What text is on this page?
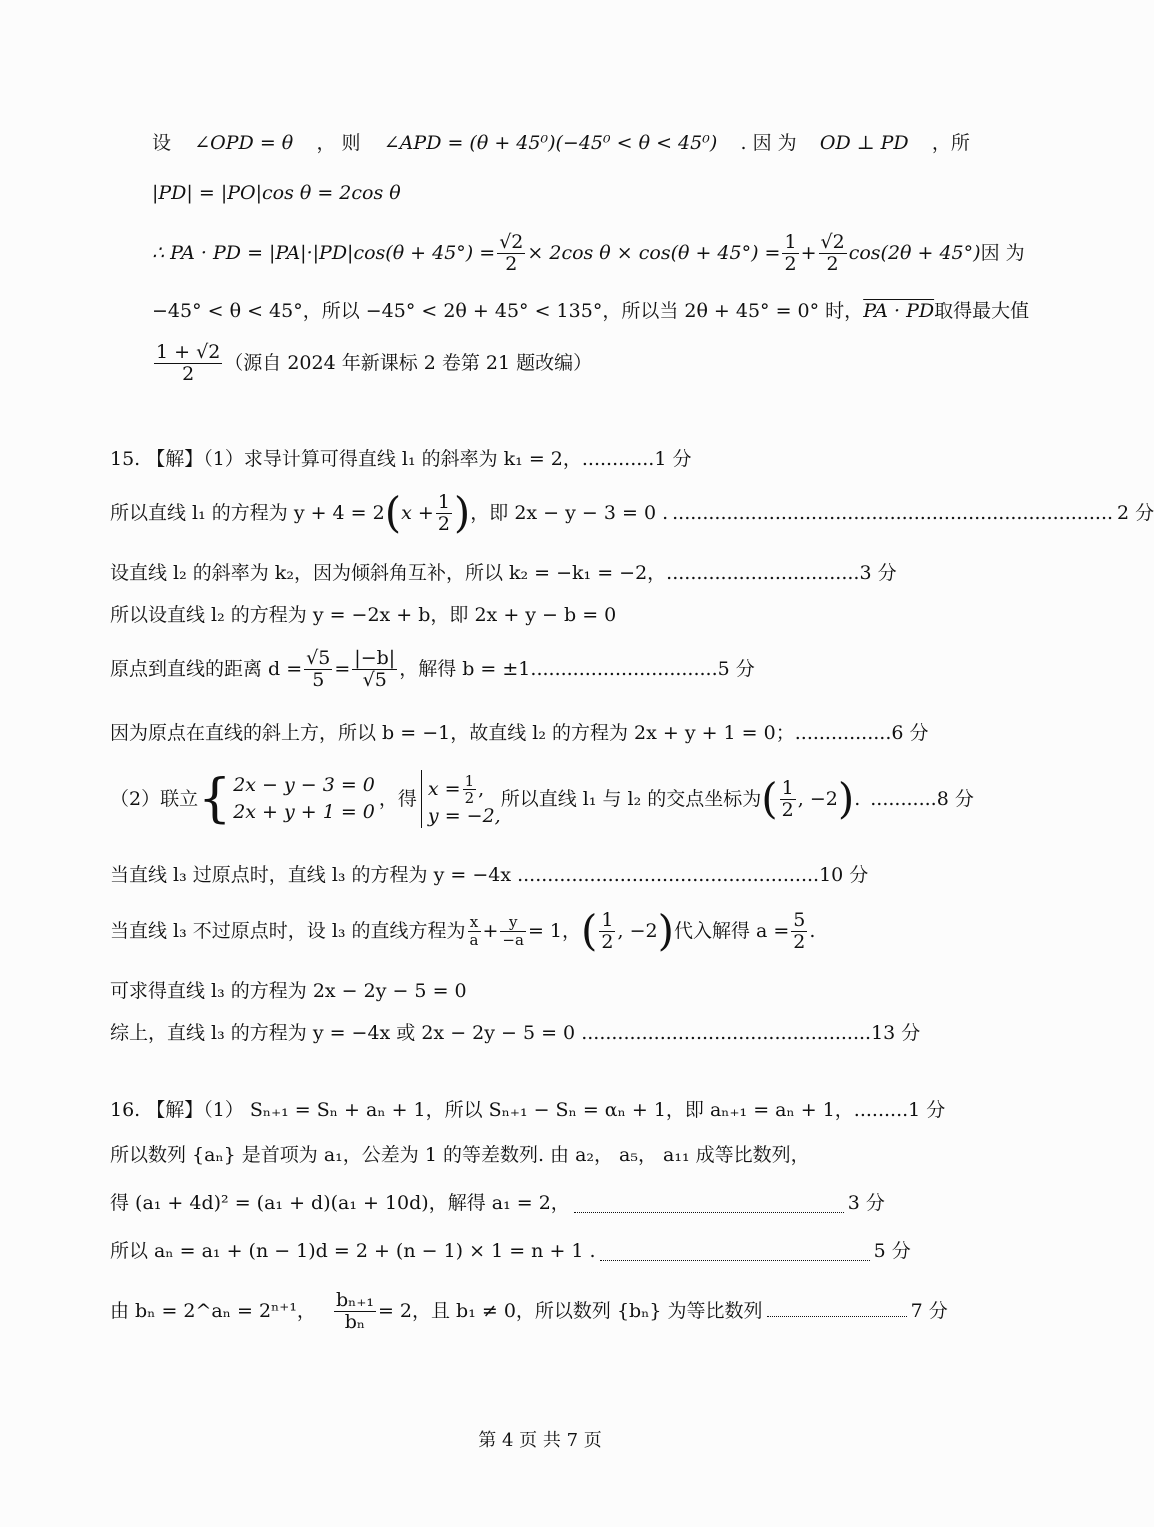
设 ∠OPD = θ ， 则 ∠APD = (θ + 45⁰)(−45⁰ < θ < 45⁰) . 因 为 OD ⊥ PD ，所
|PD| = |PO|cos θ = 2cos θ
∴ PA · PD = $|PA|\cdot|PD|\cos(\theta + 45^\circ) = \frac{√2}{2} \times 2\cos$ $\theta \times \cos(\theta + 45^\circ) = \frac{1}{2} + \frac{√2}{2} \cos(2\theta + 45^\circ)$ 因 为
−45° < θ < 45°，所以 −45° < 2θ + 45° < 135°，所以当 2θ + 45° = 0° 时， PA · PD 取得最大值
1 + √2
2	（源自 2024 年新课标 2 卷第 21 题改编）
15. 【解】（1）求导计算可得直线 l₁ 的斜率为 k₁ = 2，............1 分
所以直线 l₁ 的方程为 y + 4 = 2 ( $x + \frac{1}{2}$ ) ，即 2x − y − 3 = 0 . ......................................................................... 2 分
设直线 l₂ 的斜率为 k₂，因为倾斜角互补，所以 k₂ = −k₁ = −2，................................3 分
所以设直线 l₂ 的方程为 y = −2x + b，即 2x + y − b = 0
原点到直线的距离 $d = \frac{√5}{5} = \frac{|-b|}{√5}$ ，解得 b = ±1 ............................... 5 分
因为原点在直线的斜上方，所以 b = −1，故直线 l₂ 的方程为 2x + y + 1 = 0；................6 分
（2）联立 { 2x − y − 3 = 0
2x + y + 1 = 0
，得 $x = \frac{1}{2}$ ,
y = −2,
所以直线 l₁ 与 l₂ 的交点坐标为 ( 1
2 , −2 ) . ........... 8 分
当直线 l₃ 过原点时，直线 l₃ 的方程为 y = −4x ..................................................10 分
当直线 l₃ 不过原点时，设 l₃ 的直线方程为 x
$a + \frac{y}{-a} = 1$， ( 1
2 , −2 ) 代入解得 $a = \frac{5}{2}$ .
可求得直线 l₃ 的方程为 2x − 2y − 5 = 0
综上，直线 l₃ 的方程为 y = −4x 或 2x − 2y − 5 = 0 ................................................13 分
16. 【解】（1） Sₙ₊₁ = Sₙ + aₙ + 1，所以 Sₙ₊₁ − Sₙ = αₙ + 1，即 aₙ₊₁ = aₙ + 1，.........1 分
所以数列 {aₙ} 是首项为 a₁，公差为 1 的等差数列. 由 a₂， a₅， a₁₁ 成等比数列，
得 (a₁ + 4d)² = (a₁ + d)(a₁ + 10d)，解得 a₁ = 2，	3 分
所以 aₙ = a₁ + (n − 1)d = 2 + (n − 1) × 1 = n + 1 .	5 分
由 bₙ = 2^aₙ = 2ⁿ⁺¹， $\frac{\text{bₙ₊₁}}{\text{bₙ}} = 2$，且 b₁ ≠ 0，所以数列 {bₙ} 为等比数列	7 分
第 4 页 共 7 页
